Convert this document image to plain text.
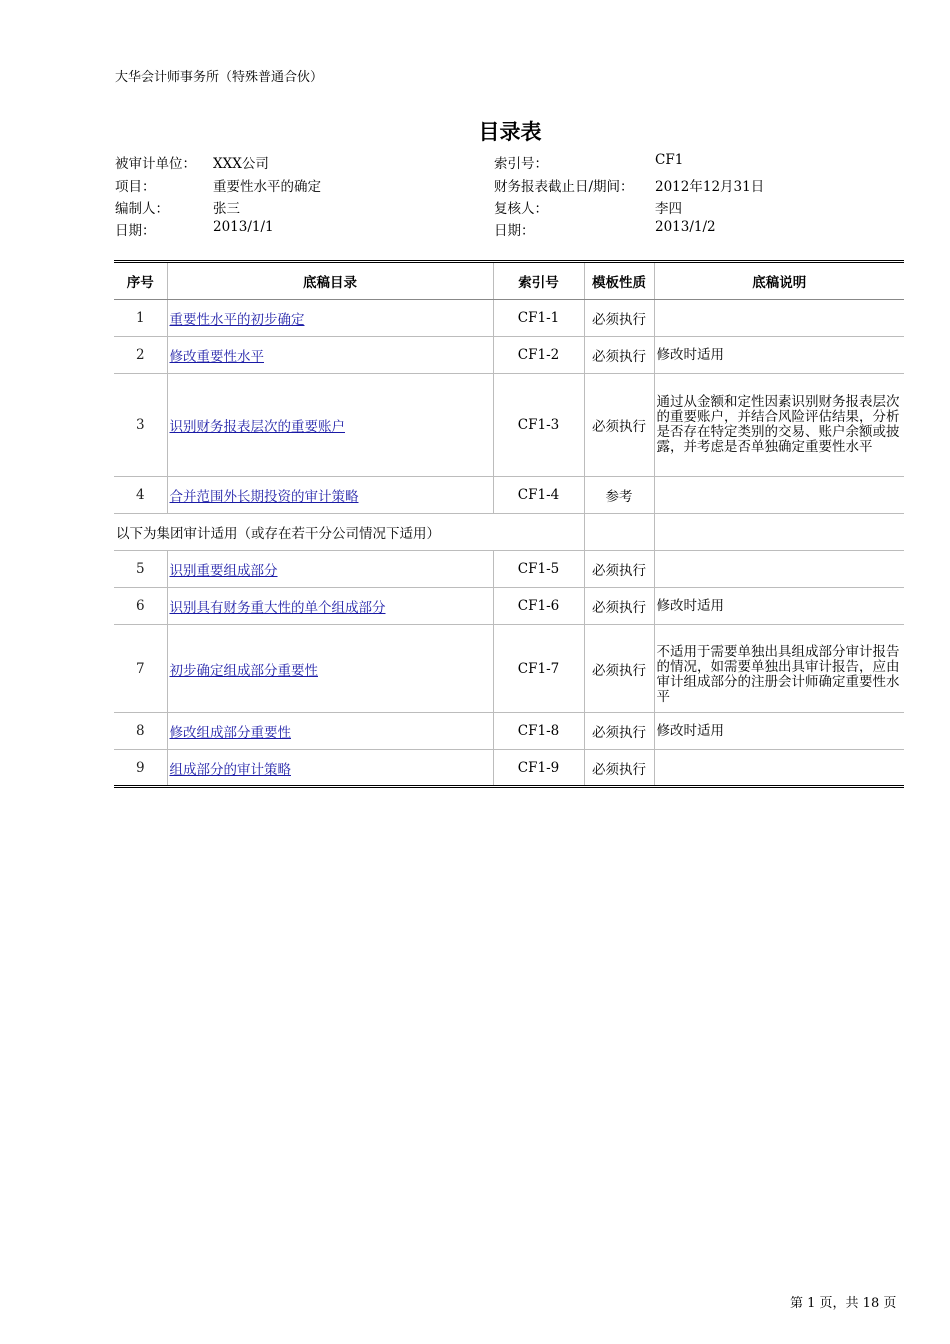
大华会计师事务所（特殊普通合伙）
目录表
被审计单位： XXX公司	索引号：	CF1
项目：	重要性水平的确定	财务报表截止日/期间： 2012年12月31日
编制人：	张三	复核人：	李四
日期：	2013/1/1	日期：	2013/1/2
序号	底稿目录	索引号	模板性质	底稿说明
1	重要性水平的初步确定	CF1-1	必须执行	
2	修改重要性水平	CF1-2	必须执行	修改时适用
3	识别财务报表层次的重要账户	CF1-3	必须执行	通过从金额和定性因素识别财务报表层次的重要账户，并结合风险评估结果，分析是否存在特定类别的交易、账户余额或披露，并考虑是否单独确定重要性水平
4	合并范围外长期投资的审计策略	CF1-4	参考	
以下为集团审计适用（或存在若干分公司情况下适用）				
5	识别重要组成部分	CF1-5	必须执行	
6	识别具有财务重大性的单个组成部分	CF1-6	必须执行	修改时适用
7	初步确定组成部分重要性	CF1-7	必须执行	不适用于需要单独出具组成部分审计报告的情况，如需要单独出具审计报告，应由审计组成部分的注册会计师确定重要性水平
8	修改组成部分重要性	CF1-8	必须执行	修改时适用
9	组成部分的审计策略	CF1-9	必须执行	
第 1 页，共 18 页
